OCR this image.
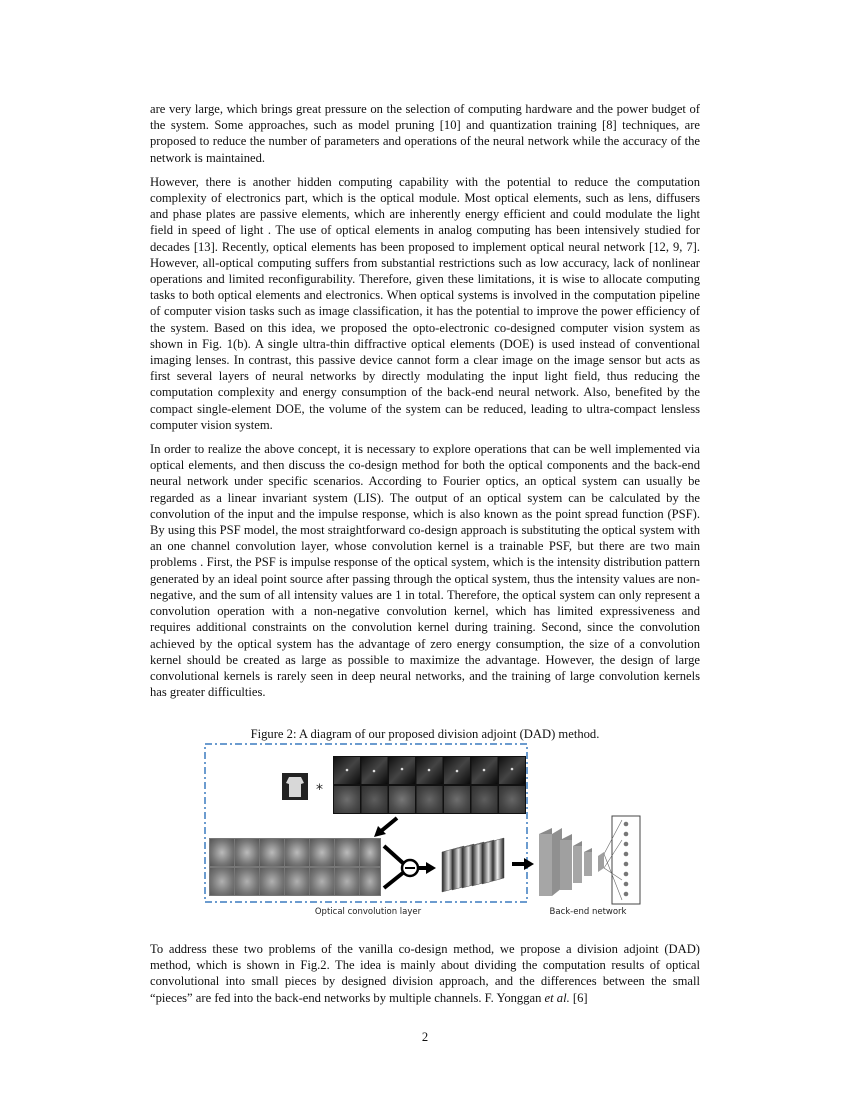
are very large, which brings great pressure on the selection of computing hardware and the power budget of the system. Some approaches, such as model pruning [10] and quantization training [8] techniques, are proposed to reduce the number of parameters and operations of the neural network while the accuracy of the network is maintained.

However, there is another hidden computing capability with the potential to reduce the computation complexity of electronics part, which is the optical module. Most optical elements, such as lens, diffusers and phase plates are passive elements, which are inherently energy efficient and could modulate the light field in speed of light . The use of optical elements in analog computing has been intensively studied for decades [13]. Recently, optical elements has been proposed to implement optical neural network [12, 9, 7]. However, all-optical computing suffers from substantial restrictions such as low accuracy, lack of nonlinear operations and limited reconfigurability. Therefore, given these limitations, it is wise to allocate computing tasks to both optical elements and electronics. When optical systems is involved in the computation pipeline of computer vision tasks such as image classification, it has the potential to improve the power efficiency of the system. Based on this idea, we proposed the opto-electronic co-designed computer vision system as shown in Fig. 1(b). A single ultra-thin diffractive optical elements (DOE) is used instead of conventional imaging lenses. In contrast, this passive device cannot form a clear image on the image sensor but acts as first several layers of neural networks by directly modulating the input light field, thus reducing the computation complexity and energy consumption of the back-end neural network. Also, benefited by the compact single-element DOE, the volume of the system can be reduced, leading to ultra-compact lensless computer vision system.

In order to realize the above concept, it is necessary to explore operations that can be well implemented via optical elements, and then discuss the co-design method for both the optical components and the back-end neural network under specific scenarios. According to Fourier optics, an optical system can usually be regarded as a linear invariant system (LIS). The output of an optical system can be calculated by the convolution of the input and the impulse response, which is also known as the point spread function (PSF). By using this PSF model, the most straightforward co-design approach is substituting the optical system with an one channel convolution layer, whose convolution kernel is a trainable PSF, but there are two main problems . First, the PSF is impulse response of the optical system, which is the intensity distribution pattern generated by an ideal point source after passing through the optical system, thus the intensity values are non-negative, and the sum of all intensity values are 1 in total. Therefore, the optical system can only represent a convolution operation with a non-negative convolution kernel, which has limited expressiveness and requires additional constraints on the convolution kernel during training. Second, since the convolution achieved by the optical system has the advantage of zero energy consumption, the size of a convolution kernel should be created as large as possible to maximize the advantage. However, the design of large convolutional kernels is rarely seen in deep neural networks, and the training of large convolution kernels has greater difficulties.

Figure 2: A diagram of our proposed division adjoint (DAD) method.
*
Optical convolution layer	Back-end network

To address these two problems of the vanilla co-design method, we propose a division adjoint (DAD) method, which is shown in Fig.2. The idea is mainly about dividing the computation results of optical convolutional into small pieces by designed division approach, and the differences between the small “pieces” are fed into the back-end networks by multiple channels. F. Yonggan et al. [6]

2
